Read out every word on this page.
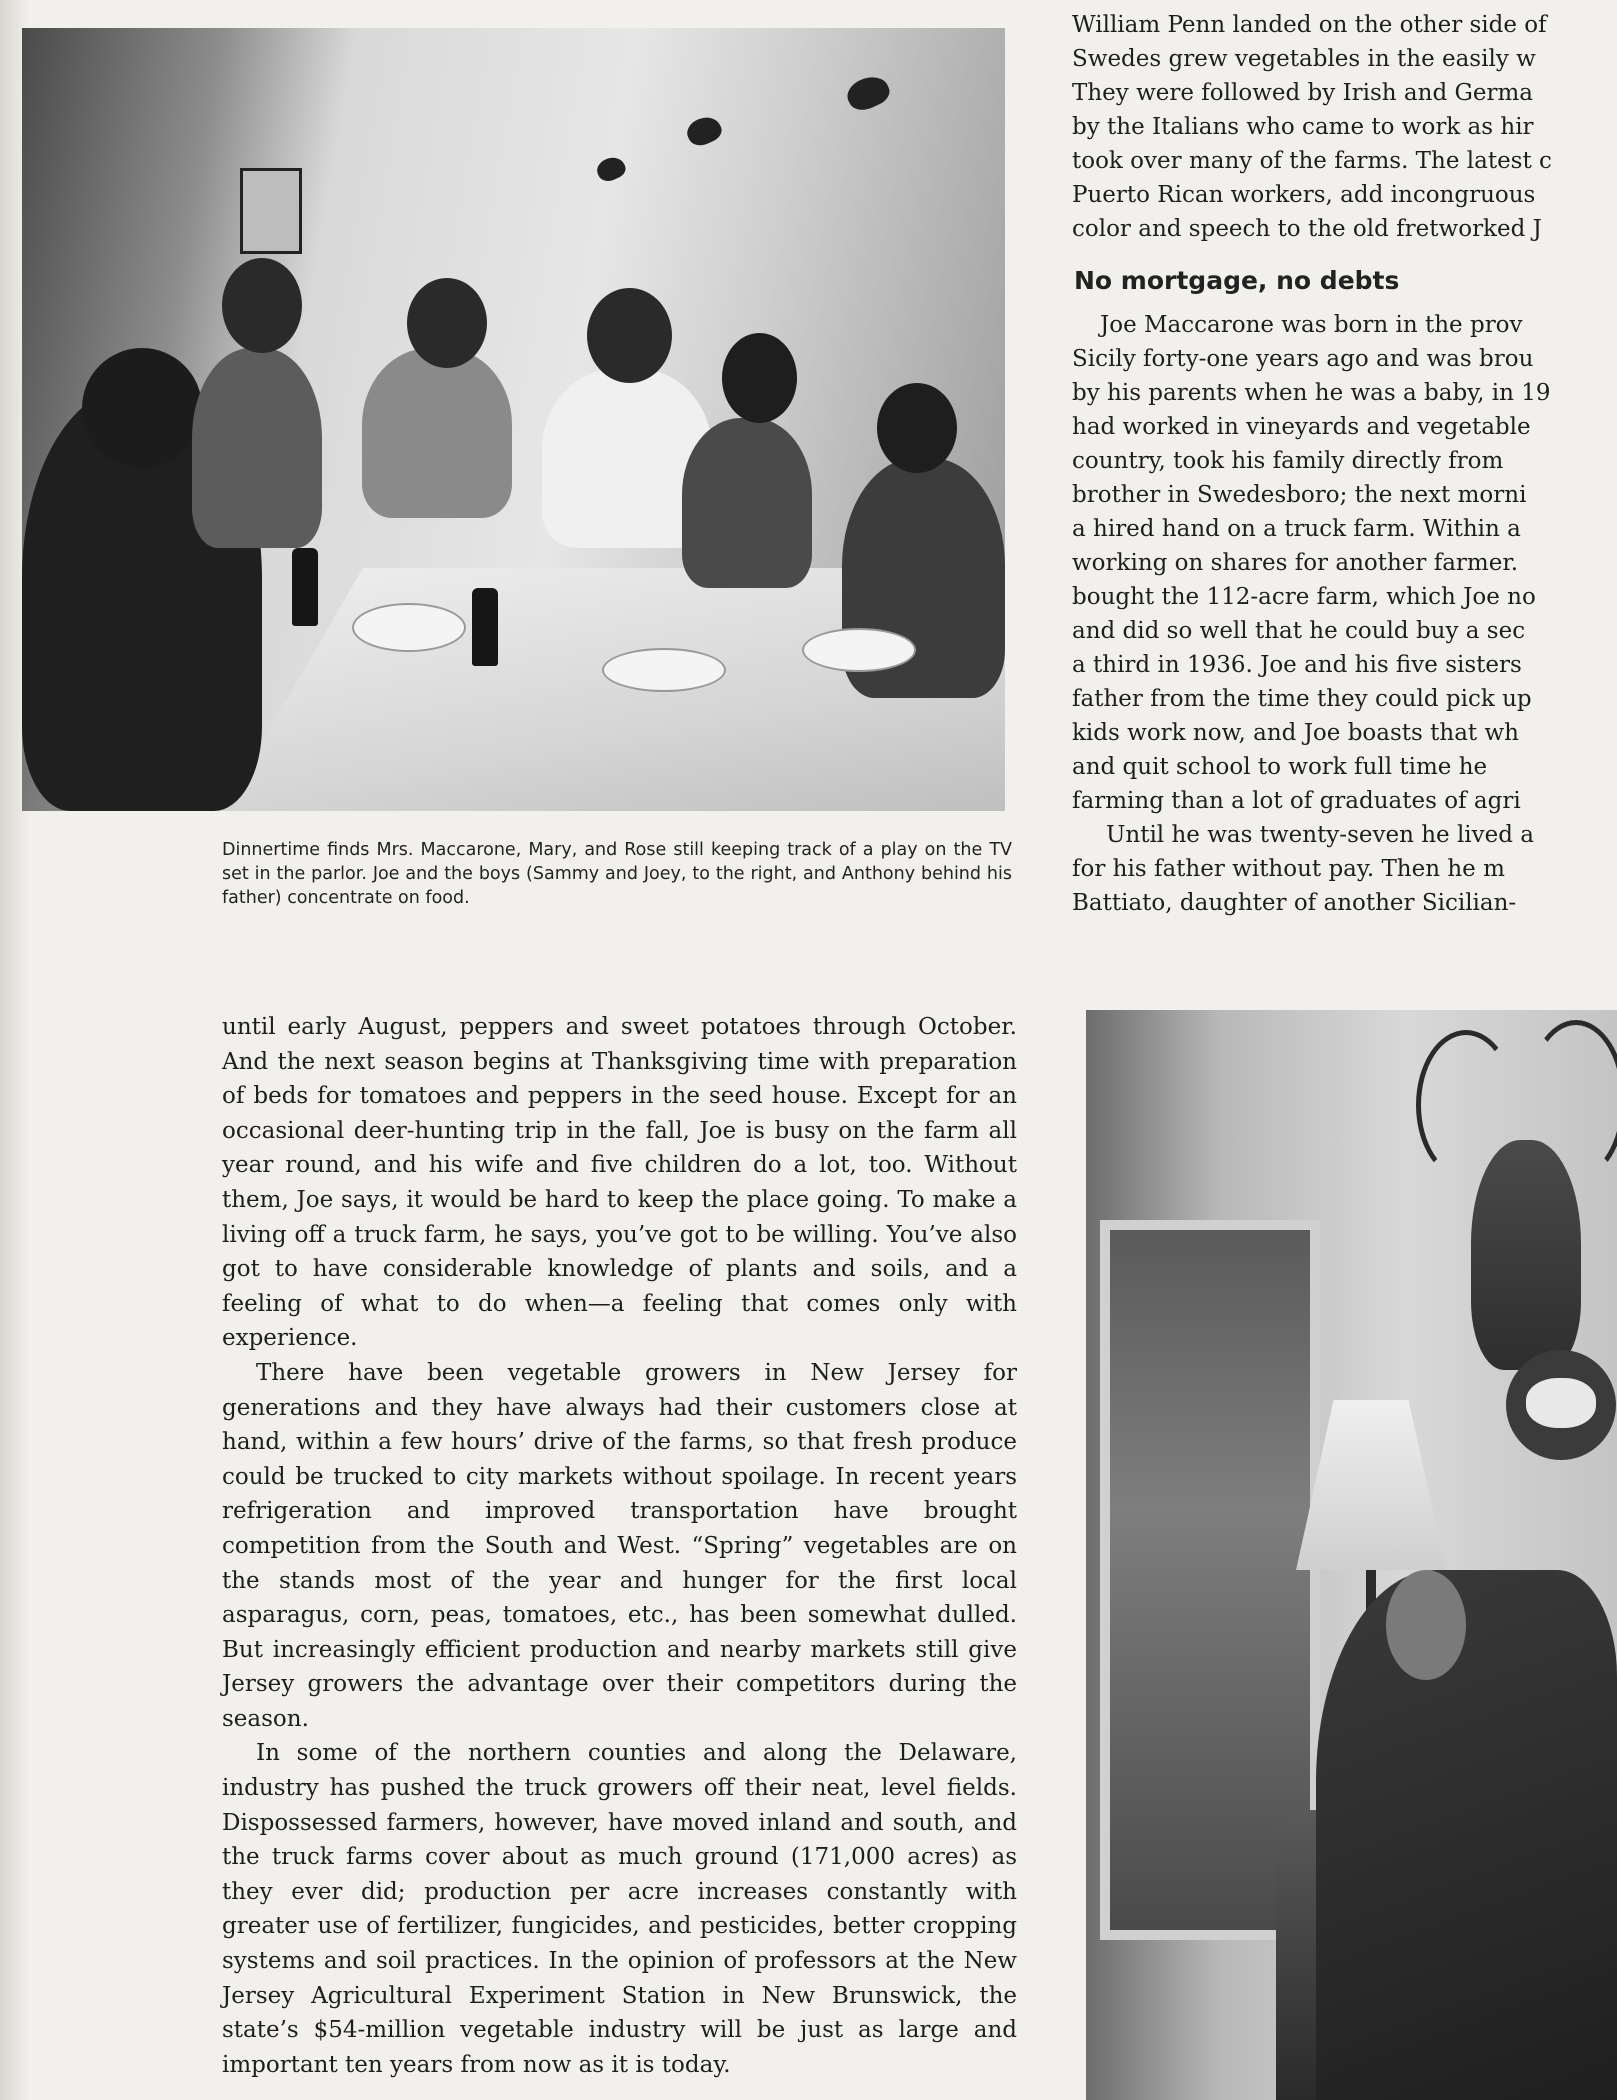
Dinnertime finds Mrs. Maccarone, Mary, and Rose still keeping track of a play on the TV set in the parlor. Joe and the boys (Sammy and Joey, to the right, and Anthony behind his father) concentrate on food.

until early August, peppers and sweet potatoes through October. And the next season begins at Thanksgiving time with preparation of beds for tomatoes and peppers in the seed house. Except for an occasional deer-hunting trip in the fall, Joe is busy on the farm all year round, and his wife and five children do a lot, too. Without them, Joe says, it would be hard to keep the place going. To make a living off a truck farm, he says, you’ve got to be willing. You’ve also got to have considerable knowledge of plants and soils, and a feeling of what to do when—a feeling that comes only with experience.

There have been vegetable growers in New Jersey for generations and they have always had their customers close at hand, within a few hours’ drive of the farms, so that fresh produce could be trucked to city markets without spoilage. In recent years refrigeration and improved transportation have brought competition from the South and West. “Spring” vegetables are on the stands most of the year and hunger for the first local asparagus, corn, peas, tomatoes, etc., has been somewhat dulled. But increasingly efficient production and nearby markets still give Jersey growers the advantage over their competitors during the season.

In some of the northern counties and along the Delaware, industry has pushed the truck growers off their neat, level fields. Dispossessed farmers, however, have moved inland and south, and the truck farms cover about as much ground (171,000 acres) as they ever did; production per acre increases constantly with greater use of fertilizer, fungicides, and pesticides, better cropping systems and soil practices. In the opinion of professors at the New Jersey Agricultural Experiment Station in New Brunswick, the state’s $54-million vegetable industry will be just as large and important ten years from now as it is today.

William Penn landed on the other side of

Swedes grew vegetables in the easily w

They were followed by Irish and Germa

by the Italians who came to work as hir

took over many of the farms. The latest c

Puerto Rican workers, add incongruous

color and speech to the old fretworked J

No mortgage, no debts

Joe Maccarone was born in the prov

Sicily forty-one years ago and was brou

by his parents when he was a baby, in 19

had worked in vineyards and vegetable

country, took his family directly from

brother in Swedesboro; the next morni

a hired hand on a truck farm. Within a

working on shares for another farmer.

bought the 112-acre farm, which Joe no

and did so well that he could buy a sec

a third in 1936. Joe and his five sisters

father from the time they could pick up

kids work now, and Joe boasts that wh

and quit school to work full time he

farming than a lot of graduates of agri

Until he was twenty-seven he lived a

for his father without pay. Then he m

Battiato, daughter of another Sicilian-
